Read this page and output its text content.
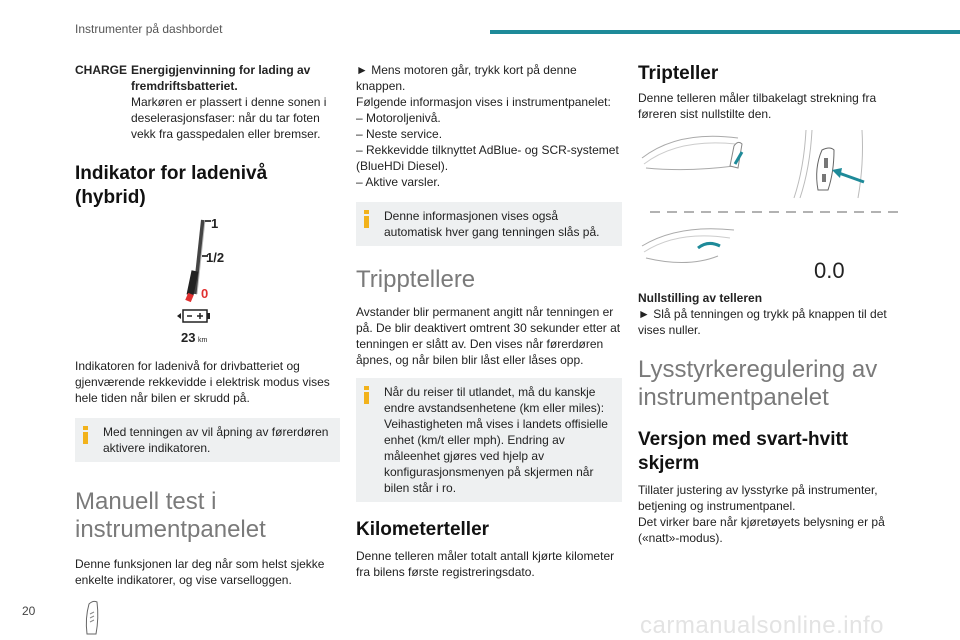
Instrumenter på dashbordet
CHARGE Energigjenvinning for lading av fremdriftsbatteriet.
Markøren er plassert i denne sonen i deselerasjonsfaser: når du tar foten vekk fra gasspedalen eller bremser.
Indikator for ladenivå (hybrid)
1
1/2
0
23 km

Indikatoren for ladenivå for drivbatteriet og gjenværende rekkevidde i elektrisk modus vises hele tiden når bilen er skrudd på.

Med tenningen av vil åpning av førerdøren aktivere indikatoren.
Manuell test i instrumentpanelet

Denne funksjonen lar deg når som helst sjekke enkelte indikatorer, og vise varselloggen.

► Mens motoren går, trykk kort på denne knappen.

Følgende informasjon vises i instrumentpanelet:

– Motoroljenivå.
– Neste service.
– Rekkevidde tilknyttet AdBlue- og SCR-systemet (BlueHDi Diesel).
– Aktive varsler.
Denne informasjonen vises også automatisk hver gang tenningen slås på.
Tripptellere

Avstander blir permanent angitt når tenningen er på. De blir deaktivert omtrent 30 sekunder etter at tenningen er slått av. Den vises når førerdøren åpnes, og når bilen blir låst eller låses opp.

Når du reiser til utlandet, må du kanskje endre avstandsenhetene (km eller miles): Veihastigheten må vises i landets offisielle enhet (km/t eller mph). Endring av måleenhet gjøres ved hjelp av konfigurasjonsmenyen på skjermen når bilen står i ro.
Kilometerteller

Denne telleren måler totalt antall kjørte kilometer fra bilens første registreringsdato.

Tripteller

Denne telleren måler tilbakelagt strekning fra føreren sist nullstilte den.

0.0

Nullstilling av telleren

► Slå på tenningen og trykk på knappen til det vises nuller.

Lysstyrkeregulering av instrumentpanelet
Versjon med svart-hvitt skjerm

Tillater justering av lysstyrke på instrumenter, betjening og instrumentpanel.

Det virker bare når kjøretøyets belysning er på («natt»-modus).

20
carmanualsonline.info
